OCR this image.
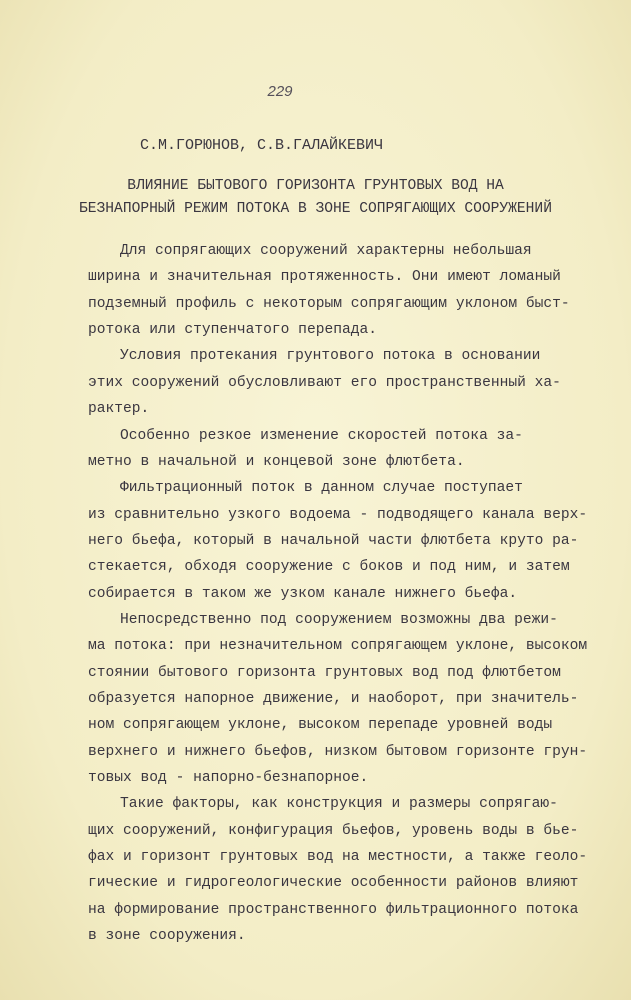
229
С.М.ГОРЮНОВ, С.В.ГАЛАЙКЕВИЧ
ВЛИЯНИЕ БЫТОВОГО ГОРИЗОНТА ГРУНТОВЫХ ВОД НА
БЕЗНАПОРНЫЙ РЕЖИМ ПОТОКА В ЗОНЕ СОПРЯГАЮЩИХ СООРУЖЕНИЙ
Для сопрягающих сооружений характерны небольшая
ширина и значительная протяженность. Они имеют ломаный
подземный профиль с некоторым сопрягающим уклоном быст-
ротока или ступенчатого перепада.
Условия протекания грунтового потока в основании
этих сооружений обусловливают его пространственный ха-
рактер.
Особенно резкое изменение скоростей потока за-
метно в начальной и концевой зоне флютбета.
Фильтрационный поток в данном случае поступает
из сравнительно узкого водоема - подводящего канала верх-
него бьефа, который в начальной части флютбета круто ра-
стекается, обходя сооружение с боков и под ним, и затем
собирается в таком же узком канале нижнего бьефа.
Непосредственно под сооружением возможны два режи-
ма потока: при незначительном сопрягающем уклоне, высоком
стоянии бытового горизонта грунтовых вод под флютбетом
образуется напорное движение, и наоборот, при значитель-
ном сопрягающем уклоне, высоком перепаде уровней воды
верхнего и нижнего бьефов, низком бытовом горизонте грун-
товых вод - напорно-безнапорное.
Такие факторы, как конструкция и размеры сопрягаю-
щих сооружений, конфигурация бьефов, уровень воды в бье-
фах и горизонт грунтовых вод на местности, а также геоло-
гические и гидрогеологические особенности районов влияют
на формирование пространственного фильтрационного потока
в зоне сооружения.
